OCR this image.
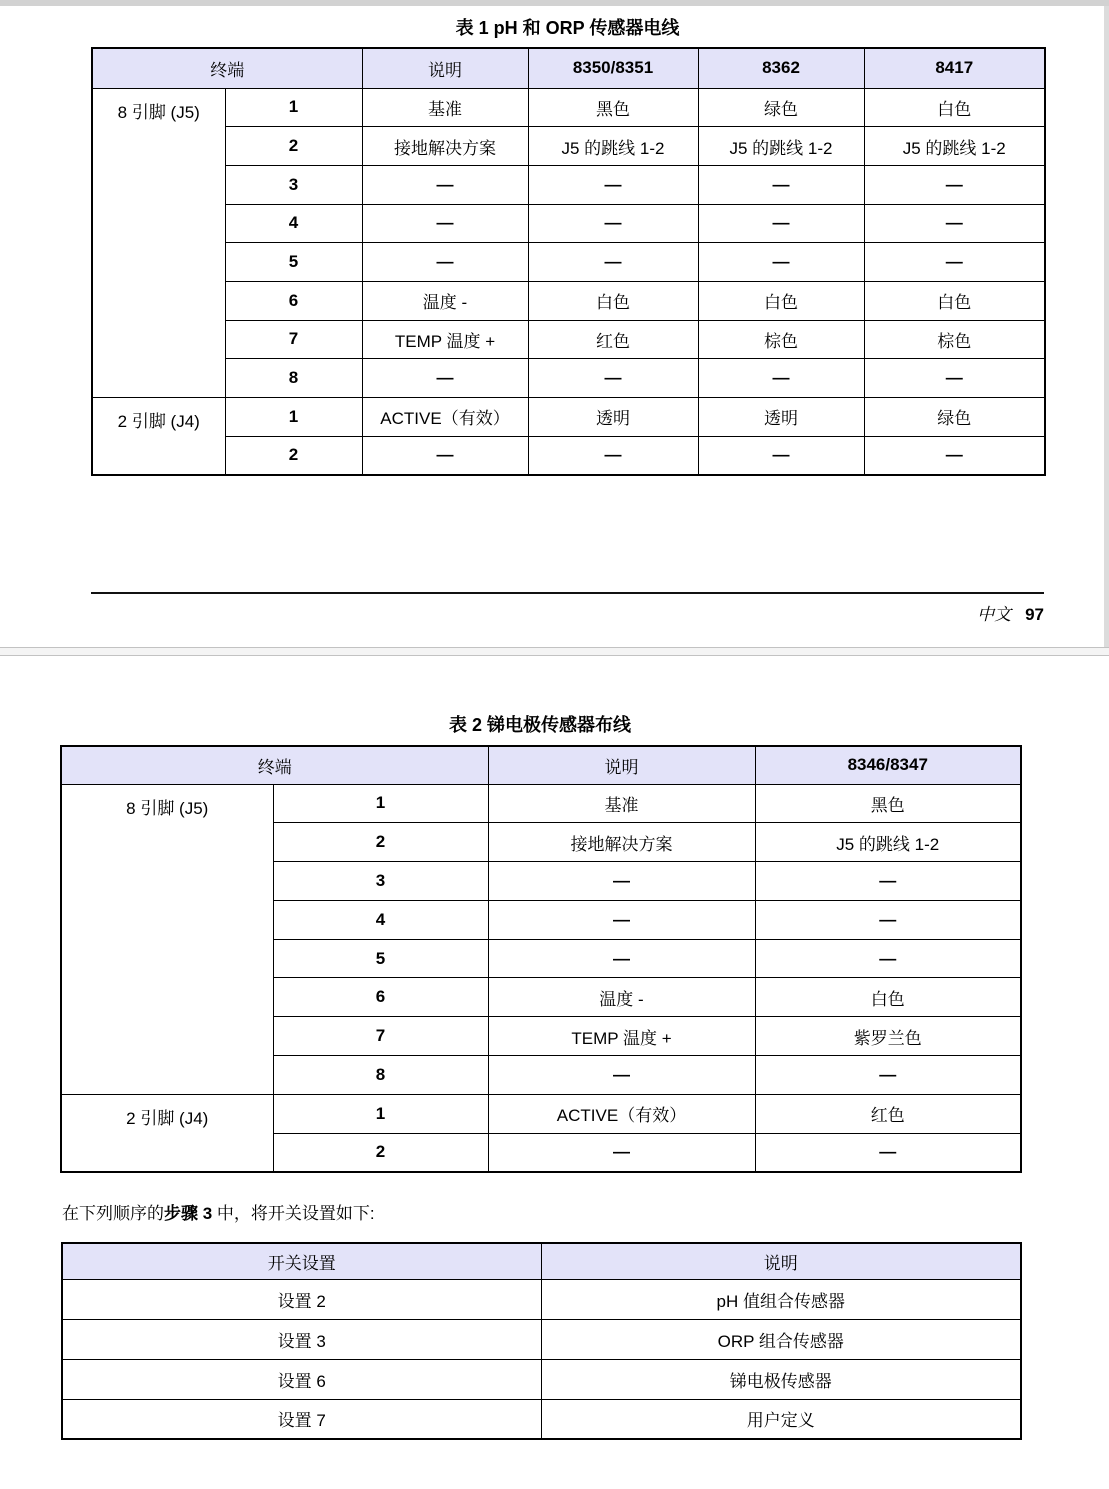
表 1 pH 和 ORP 传感器电线
终端		说明	8350/8351	8362	8417
8 引脚 (J5)	1	基准	黑色	绿色	白色
	2	接地解决方案	J5 的跳线 1-2	J5 的跳线 1-2	J5 的跳线 1-2
	3	—	—	—	—
	4	—	—	—	—
	5	—	—	—	—
	6	温度 -	白色	白色	白色
	7	TEMP 温度 +	红色	棕色	棕色
	8	—	—	—	—
2 引脚 (J4)	1	ACTIVE（有效）	透明	透明	绿色
	2	—	—	—	—
中文 97
表 2 锑电极传感器布线
终端		说明	8346/8347
8 引脚 (J5)	1	基准	黑色
	2	接地解决方案	J5 的跳线 1-2
	3	—	—
	4	—	—
	5	—	—
	6	温度 -	白色
	7	TEMP 温度 +	紫罗兰色
	8	—	—
2 引脚 (J4)	1	ACTIVE（有效）	红色
	2	—	—
在下列顺序的步骤 3 中，将开关设置如下:
开关设置	说明
设置 2	pH 值组合传感器
设置 3	ORP 组合传感器
设置 6	锑电极传感器
设置 7	用户定义
